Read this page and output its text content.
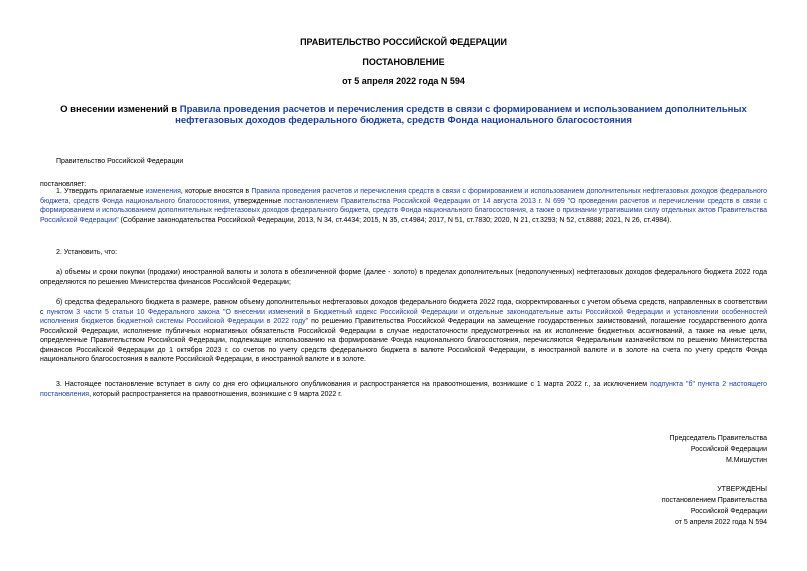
ПРАВИТЕЛЬСТВО РОССИЙСКОЙ ФЕДЕРАЦИИ
ПОСТАНОВЛЕНИЕ
от 5 апреля 2022 года N 594
О внесении изменений в Правила проведения расчетов и перечисления средств в связи с формированием и использованием дополнительных нефтегазовых доходов федерального бюджета, средств Фонда национального благосостояния
Правительство Российской Федерации
постановляет:
1. Утвердить прилагаемые изменения, которые вносятся в Правила проведения расчетов и перечисления средств в связи с формированием и использованием дополнительных нефтегазовых доходов федерального бюджета, средств Фонда национального благосостояния, утвержденные постановлением Правительства Российской Федерации от 14 августа 2013 г. N 699 "О проведении расчетов и перечислении средств в связи с формированием и использованием дополнительных нефтегазовых доходов федерального бюджета, средств Фонда национального благосостояния, а также о признании утратившими силу отдельных актов Правительства Российской Федерации" (Собрание законодательства Российской Федерации, 2013, N 34, ст.4434; 2015, N 35, ст.4984; 2017, N 51, ст.7830; 2020, N 21, ст.3293; N 52, ст.8888; 2021, N 26, ст.4984).
2. Установить, что:
а) объемы и сроки покупки (продажи) иностранной валюты и золота в обезличенной форме (далее - золото) в пределах дополнительных (недополученных) нефтегазовых доходов федерального бюджета 2022 года определяются по решению Министерства финансов Российской Федерации;
б) средства федерального бюджета в размере, равном объему дополнительных нефтегазовых доходов федерального бюджета 2022 года, скорректированных с учетом объема средств, направленных в соответствии с пунктом 3 части 5 статьи 10 Федерального закона "О внесении изменений в Бюджетный кодекс Российской Федерации и отдельные законодательные акты Российской Федерации и установлении особенностей исполнения бюджетов бюджетной системы Российской Федерации в 2022 году" по решению Правительства Российской Федерации на замещение государственных заимствований, погашение государственного долга Российской Федерации, исполнение публичных нормативных обязательств Российской Федерации в случае недостаточности предусмотренных на их исполнение бюджетных ассигнований, а также на иные цели, определенные Правительством Российской Федерации, подлежащие использованию на формирование Фонда национального благосостояния, перечисляются Федеральным казначейством по решению Министерства финансов Российской Федерации до 1 октября 2023 г. со счетов по учету средств федерального бюджета в валюте Российской Федерации, в иностранной валюте и в золоте на счета по учету средств Фонда национального благосостояния в валюте Российской Федерации, в иностранной валюте и в золоте.
3. Настоящее постановление вступает в силу со дня его официального опубликования и распространяется на правоотношения, возникшие с 1 марта 2022 г., за исключением подпункта "б" пункта 2 настоящего постановления, который распространяется на правоотношения, возникшие с 9 марта 2022 г.
Председатель Правительства
Российской Федерации
М.Мишустин
УТВЕРЖДЕНЫ
постановлением Правительства
Российской Федерации
от 5 апреля 2022 года N 594
